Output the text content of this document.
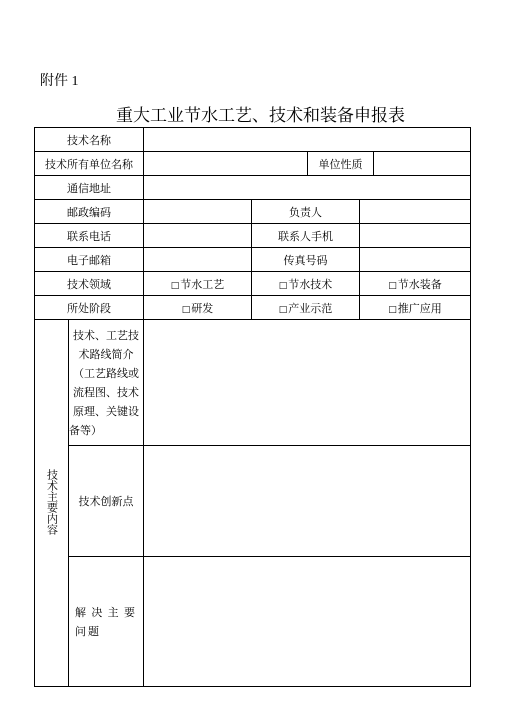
附件 1
重大工业节水工艺、技术和装备申报表
技术名称						
技术所有单位名称				单位性质		
通信地址						
邮政编码			负责人			
联系电话			联系人手机			
电子邮箱			传真号码			
技术领域		□节水工艺	□节水技术		□节水装备	
所处阶段		□研发	□产业示范		□推广应用	
技术主要内容	技术、工艺技术路线简介（工艺路线或流程图、技术原理、关键设备等）					
	技术创新点					
	解决主要问题					
